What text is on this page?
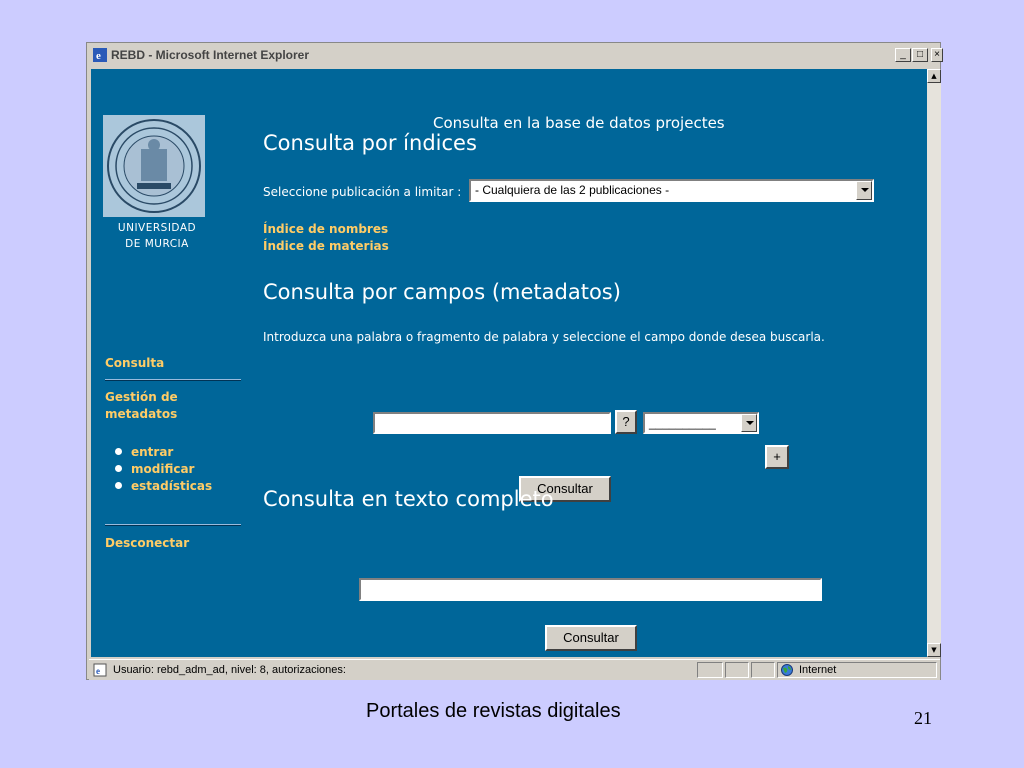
e REBD - Microsoft Internet Explorer	_	□	×
UNIVERSIDAD
DE MURCIA
Consulta
Gestión de
metadatos
entrar
modificar
estadísticas
Desconectar
Consulta en la base de datos projectes
Consulta por índices
Seleccione publicación a limitar : - Cualquiera de las 2 publicaciones -
Índice de nombres
Índice de materias
Consulta por campos (metadatos)
Introduzca una palabra o fragmento de palabra y seleccione el campo donde desea buscarla.
?	__________
+
Consultar
Consulta en texto completo
Consultar
▲
▼
e Usuario: rebd_adm_ad, nivel: 8, autorizaciones:	Internet
Portales de revistas digitales	21
